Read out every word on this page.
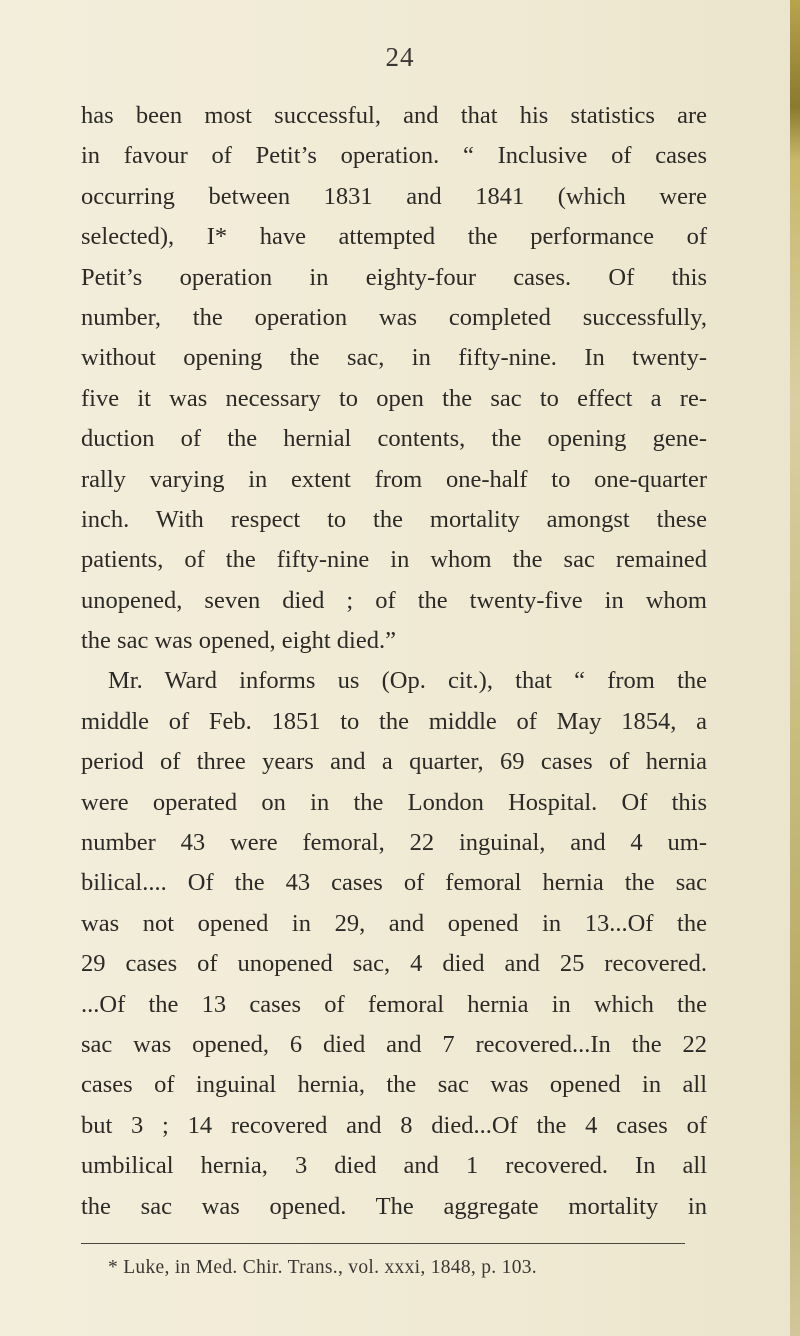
24
has been most successful, and that his statistics are
in favour of Petit’s operation. “ Inclusive of cases
occurring between 1831 and 1841 (which were
selected), I* have attempted the performance of
Petit’s operation in eighty-four cases. Of this
number, the operation was completed successfully,
without opening the sac, in fifty-nine. In twenty-
five it was necessary to open the sac to effect a re-
duction of the hernial contents, the opening gene-
rally varying in extent from one-half to one-quarter
inch. With respect to the mortality amongst these
patients, of the fifty-nine in whom the sac remained
unopened, seven died ; of the twenty-five in whom
the sac was opened, eight died.”
Mr. Ward informs us (Op. cit.), that “ from the
middle of Feb. 1851 to the middle of May 1854, a
period of three years and a quarter, 69 cases of hernia
were operated on in the London Hospital. Of this
number 43 were femoral, 22 inguinal, and 4 um-
bilical.... Of the 43 cases of femoral hernia the sac
was not opened in 29, and opened in 13...Of the
29 cases of unopened sac, 4 died and 25 recovered.
...Of the 13 cases of femoral hernia in which the
sac was opened, 6 died and 7 recovered...In the 22
cases of inguinal hernia, the sac was opened in all
but 3 ; 14 recovered and 8 died...Of the 4 cases of
umbilical hernia, 3 died and 1 recovered. In all
the sac was opened. The aggregate mortality in
* Luke, in Med. Chir. Trans., vol. xxxi, 1848, p. 103.
